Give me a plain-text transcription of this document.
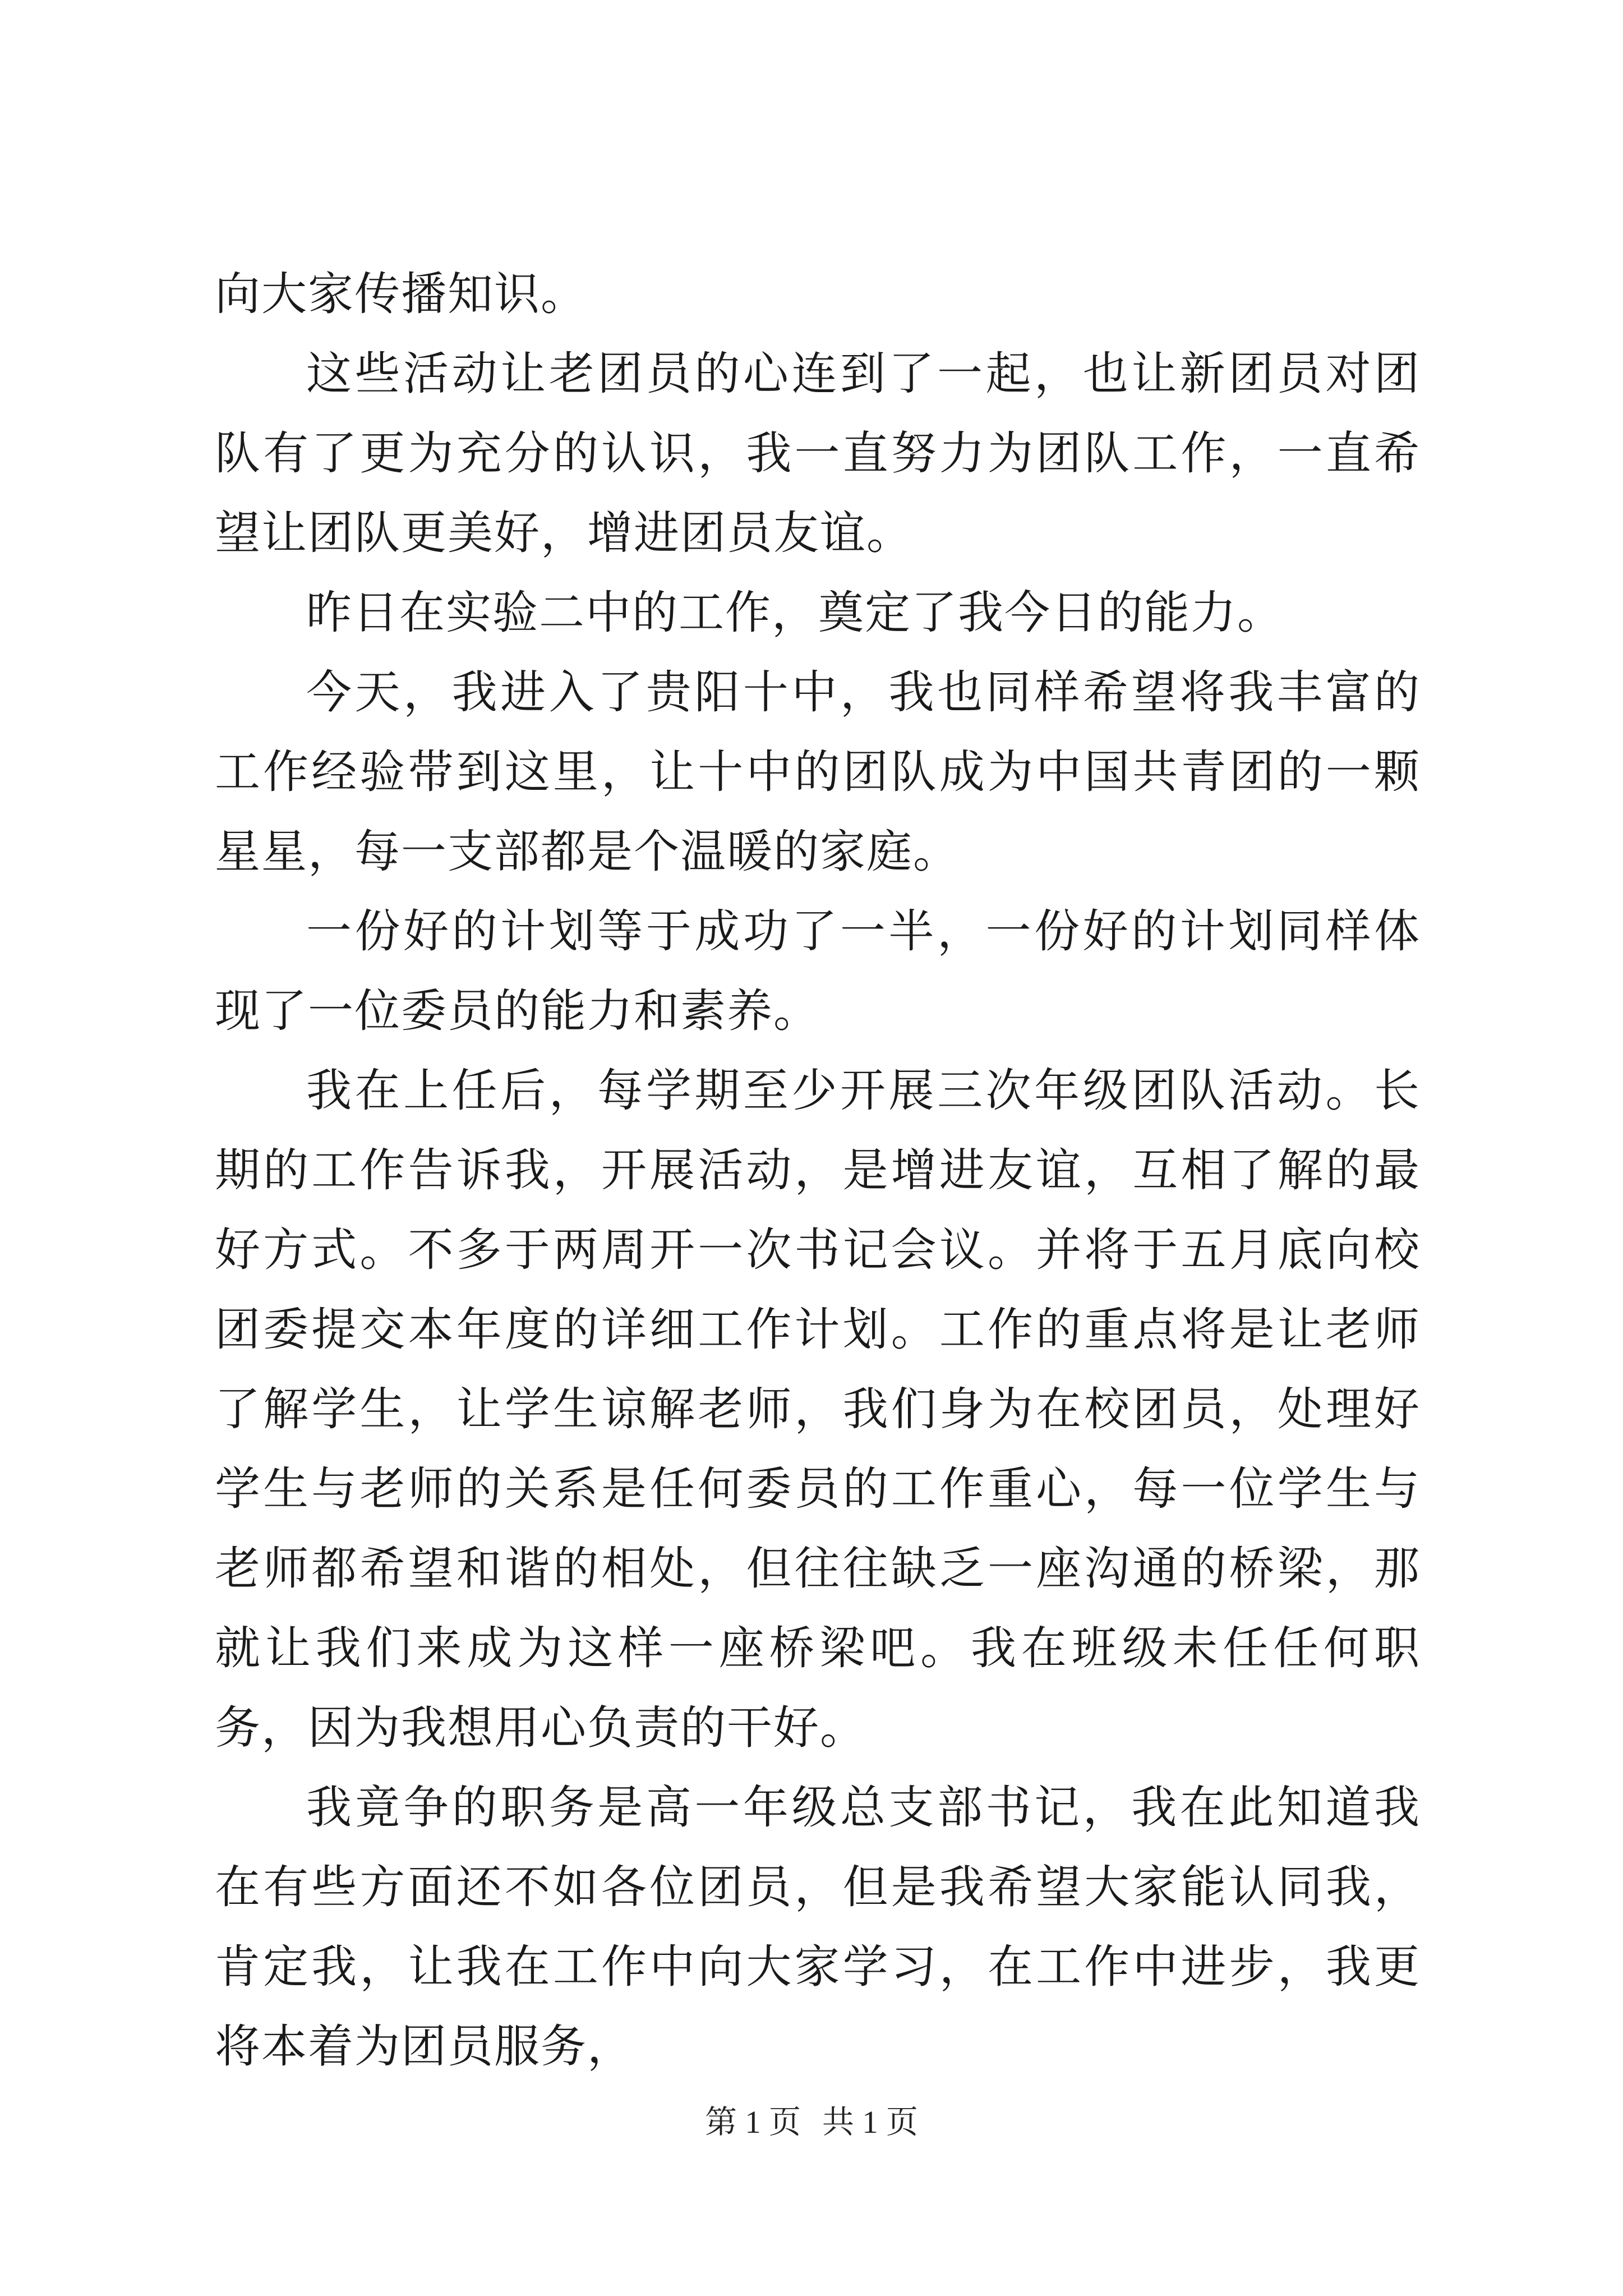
向大家传播知识。

这些活动让老团员的心连到了一起，也让新团员对团队有了更为充分的认识，我一直努力为团队工作，一直希望让团队更美好，增进团员友谊。

昨日在实验二中的工作，奠定了我今日的能力。

今天，我进入了贵阳十中，我也同样希望将我丰富的工作经验带到这里，让十中的团队成为中国共青团的一颗星星，每一支部都是个温暖的家庭。

一份好的计划等于成功了一半，一份好的计划同样体现了一位委员的能力和素养。

我在上任后，每学期至少开展三次年级团队活动。长期的工作告诉我，开展活动，是增进友谊，互相了解的最好方式。不多于两周开一次书记会议。并将于五月底向校团委提交本年度的详细工作计划。工作的重点将是让老师了解学生，让学生谅解老师，我们身为在校团员，处理好学生与老师的关系是任何委员的工作重心，每一位学生与老师都希望和谐的相处，但往往缺乏一座沟通的桥梁，那就让我们来成为这样一座桥梁吧。我在班级未任任何职务，因为我想用心负责的干好。

我竟争的职务是高一年级总支部书记，我在此知道我在有些方面还不如各位团员，但是我希望大家能认同我，肯定我，让我在工作中向大家学习，在工作中进步，我更将本着为团员服务，

第 1 页 共 1 页
